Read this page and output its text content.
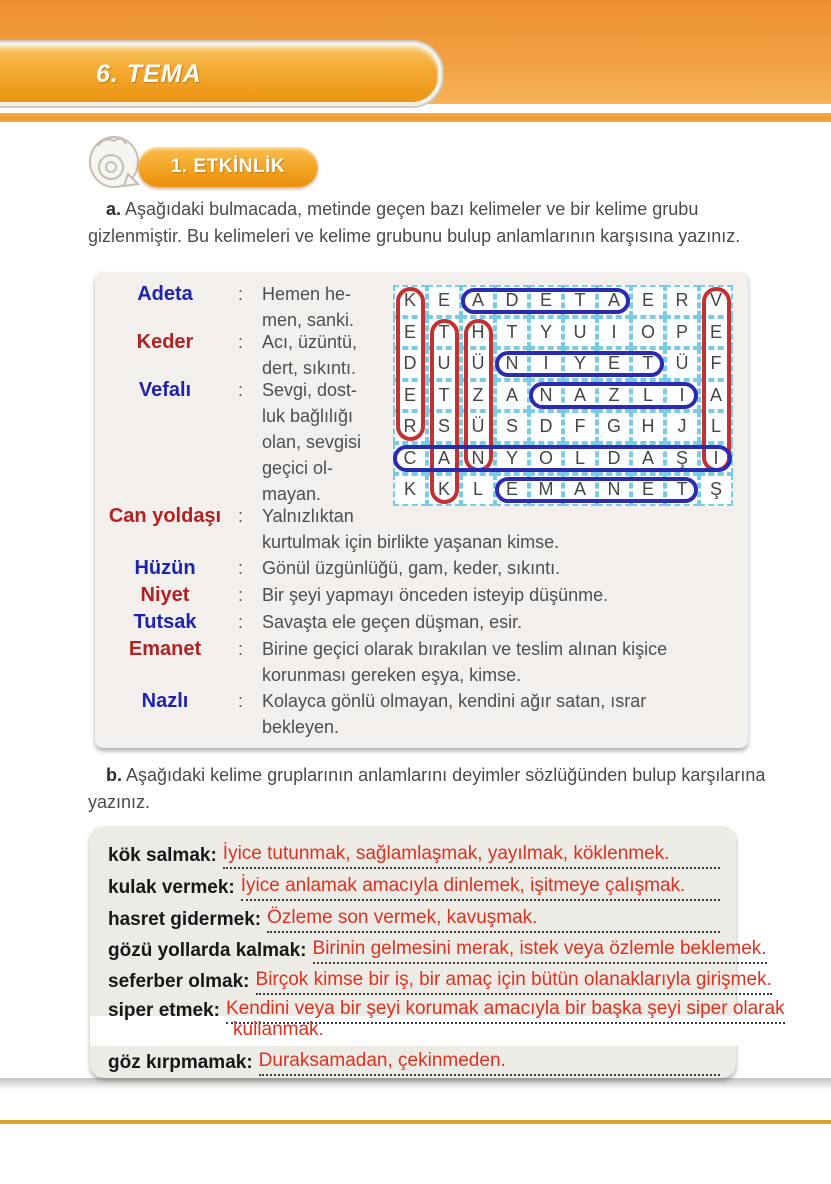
6. TEMA
1. ETKİNLİK
a. Aşağıdaki bulmacada, metinde geçen bazı kelimeler ve bir kelime grubu gizlenmiştir. Bu kelimeleri ve kelime grubunu bulup anlamlarının karşısına yazınız.
Adeta	: Hemen he-
men, sanki.
Keder	: Acı, üzüntü,
dert, sıkıntı.
Vefalı	: Sevgi, dost-
luk bağlılığı
olan, sevgisi
geçici ol-
mayan.
Can yoldaşı : Yalnızlıktan
kurtulmak için birlikte yaşanan kimse.
Hüzün	: Gönül üzgünlüğü, gam, keder, sıkıntı.
Niyet	: Bir şeyi yapmayı önceden isteyip düşünme.
Tutsak	: Savaşta ele geçen düşman, esir.
Emanet	: Birine geçici olarak bırakılan ve teslim alınan kişice
korunması gereken eşya, kimse.
Nazlı	: Kolayca gönlü olmayan, kendini ağır satan, ısrar
bekleyen.
K	E	A	D	E	T	A	E	R	V
E	T	H	T	Y	U	I	O	P	E
D	U	Ü	N	İ	Y	E	T	Ü	F
E	T	Z	A	N	A	Z	L	I	A
R	S	Ü	S	D	F	G	H	J	L
C	A	N	Y	O	L	D	A	Ş	I
K	K	L	E	M	A	N	E	T	Ş
b. Aşağıdaki kelime gruplarının anlamlarını deyimler sözlüğünden bulup karşılarına yazınız.
kök salmak: İyice tutunmak, sağlamlaşmak, yayılmak, köklenmek.
kulak vermek: İyice anlamak amacıyla dinlemek, işitmeye çalışmak.
hasret gidermek: Özleme son vermek, kavuşmak.
gözü yollarda kalmak: Birinin gelmesini merak, istek veya özlemle beklemek.
seferber olmak: Birçok kimse bir iş, bir amaç için bütün olanaklarıyla girişmek.
siper etmek: Kendini veya bir şeyi korumak amacıyla bir başka şeyi siper olarak
kullanmak.
göz kırpmamak: Duraksamadan, çekinmeden.
